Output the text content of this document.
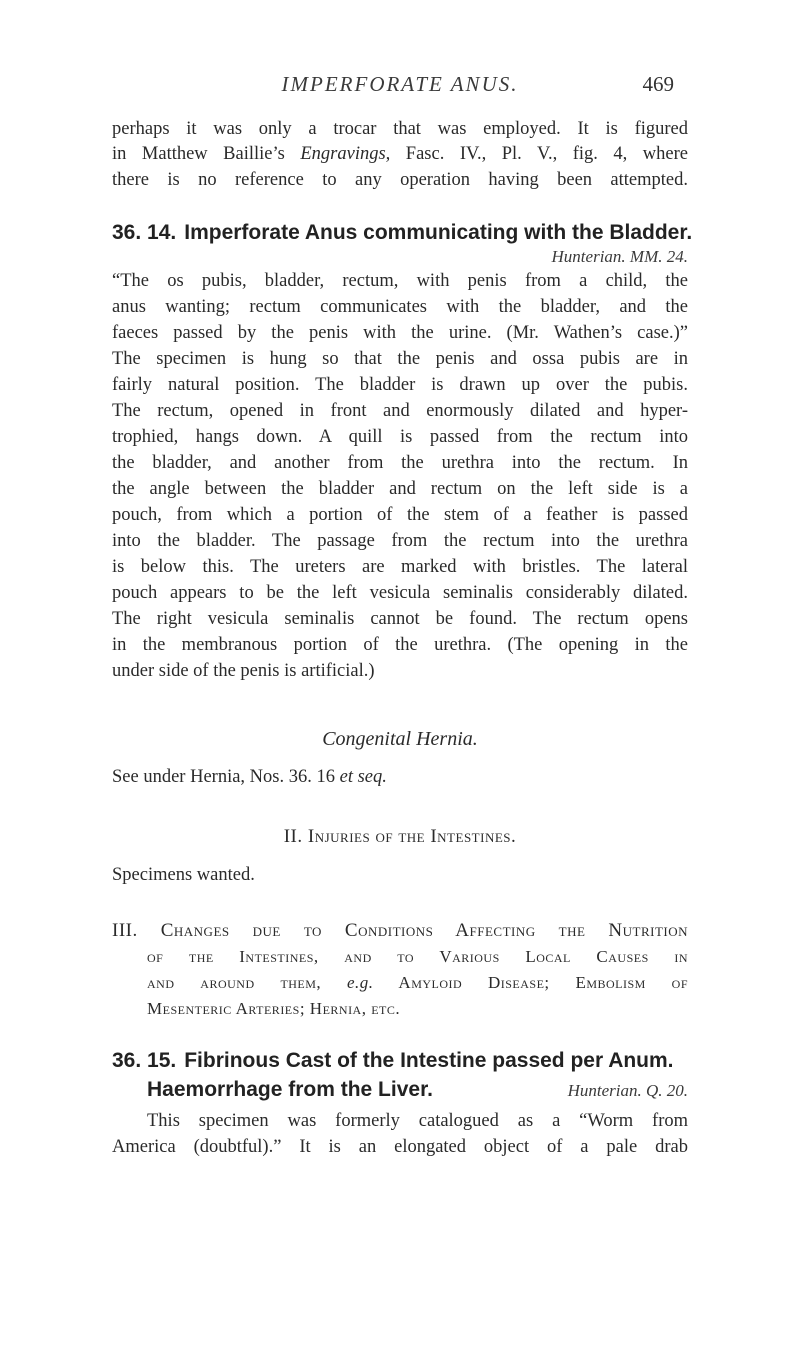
IMPERFORATE ANUS.	469
perhaps it was only a trocar that was employed. It is figured
in Matthew Baillie’s Engravings, Fasc. IV., Pl. V., fig. 4, where
there is no reference to any operation having been attempted.
36. 14. Imperforate Anus communicating with the Bladder.
Hunterian. MM. 24.
“The os pubis, bladder, rectum, with penis from a child, the
anus wanting; rectum communicates with the bladder, and the
faeces passed by the penis with the urine. (Mr. Wathen’s case.)”
The specimen is hung so that the penis and ossa pubis are in
fairly natural position. The bladder is drawn up over the pubis.
The rectum, opened in front and enormously dilated and hyper-
trophied, hangs down. A quill is passed from the rectum into
the bladder, and another from the urethra into the rectum. In
the angle between the bladder and rectum on the left side is a
pouch, from which a portion of the stem of a feather is passed
into the bladder. The passage from the rectum into the urethra
is below this. The ureters are marked with bristles. The lateral
pouch appears to be the left vesicula seminalis considerably dilated.
The right vesicula seminalis cannot be found. The rectum opens
in the membranous portion of the urethra. (The opening in the
under side of the penis is artificial.)
Congenital Hernia.
See under Hernia, Nos. 36. 16 et seq.
II. Injuries of the Intestines.
Specimens wanted.
III. Changes due to Conditions Affecting the Nutrition
of the Intestines, and to Various Local Causes in
and around them, e.g. Amyloid Disease; Embolism of
Mesenteric Arteries; Hernia, etc.
36. 15. Fibrinous Cast of the Intestine passed per Anum.
Haemorrhage from the Liver.	Hunterian. Q. 20.
This specimen was formerly catalogued as a “Worm from
America (doubtful).” It is an elongated object of a pale drab
